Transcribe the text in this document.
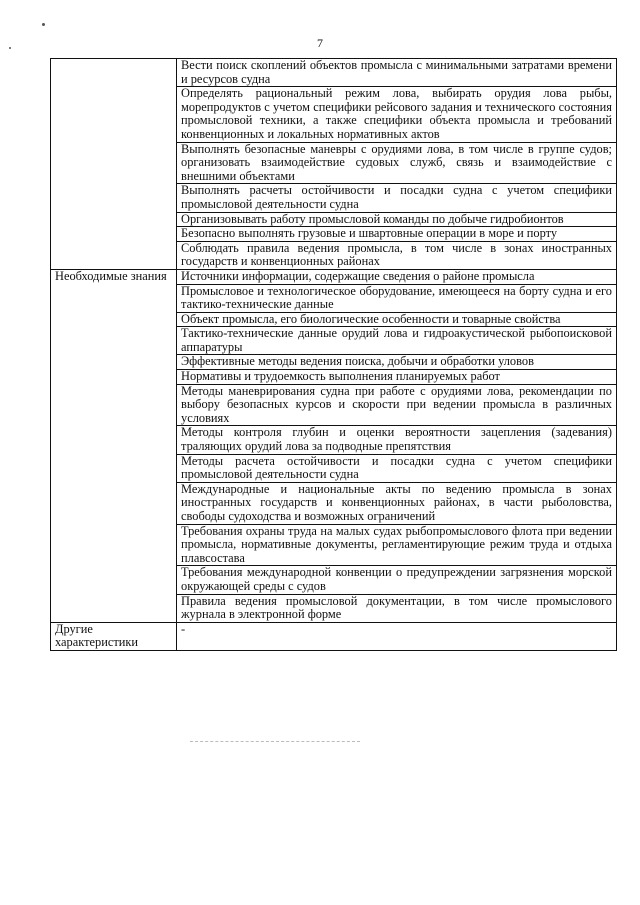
7
	Вести поиск скоплений объектов промысла с минимальными затратами времени и ресурсов судна
	Определять рациональный режим лова, выбирать орудия лова рыбы, морепродуктов с учетом специфики рейсового задания и технического состояния промысловой техники, а также специфики объекта промысла и требований конвенционных и локальных нормативных актов
	Выполнять безопасные маневры с орудиями лова, в том числе в группе судов; организовать взаимодействие судовых служб, связь и взаимодействие с внешними объектами
	Выполнять расчеты остойчивости и посадки судна с учетом специфики промысловой деятельности судна
	Организовывать работу промысловой команды по добыче гидробионтов
	Безопасно выполнять грузовые и швартовные операции в море и порту
	Соблюдать правила ведения промысла, в том числе в зонах иностранных государств и конвенционных районах
Необходимые знания	Источники информации, содержащие сведения о районе промысла
	Промысловое и технологическое оборудование, имеющееся на борту судна и его тактико-технические данные
	Объект промысла, его биологические особенности и товарные свойства
	Тактико-технические данные орудий лова и гидроакустической рыбопоисковой аппаратуры
	Эффективные методы ведения поиска, добычи и обработки уловов
	Нормативы и трудоемкость выполнения планируемых работ
	Методы маневрирования судна при работе с орудиями лова, рекомендации по выбору безопасных курсов и скорости при ведении промысла в различных условиях
	Методы контроля глубин и оценки вероятности зацепления (задевания) траляющих орудий лова за подводные препятствия
	Методы расчета остойчивости и посадки судна с учетом специфики промысловой деятельности судна
	Международные и национальные акты по ведению промысла в зонах иностранных государств и конвенционных районах, в части рыболовства, свободы судоходства и возможных ограничений
	Требования охраны труда на малых судах рыбопромыслового флота при ведении промысла, нормативные документы, регламентирующие режим труда и отдыха плавсостава
	Требования международной конвенции о предупреждении загрязнения морской окружающей среды с судов
	Правила ведения промысловой документации, в том числе промыслового журнала в электронной форме
Другие характеристики	-
